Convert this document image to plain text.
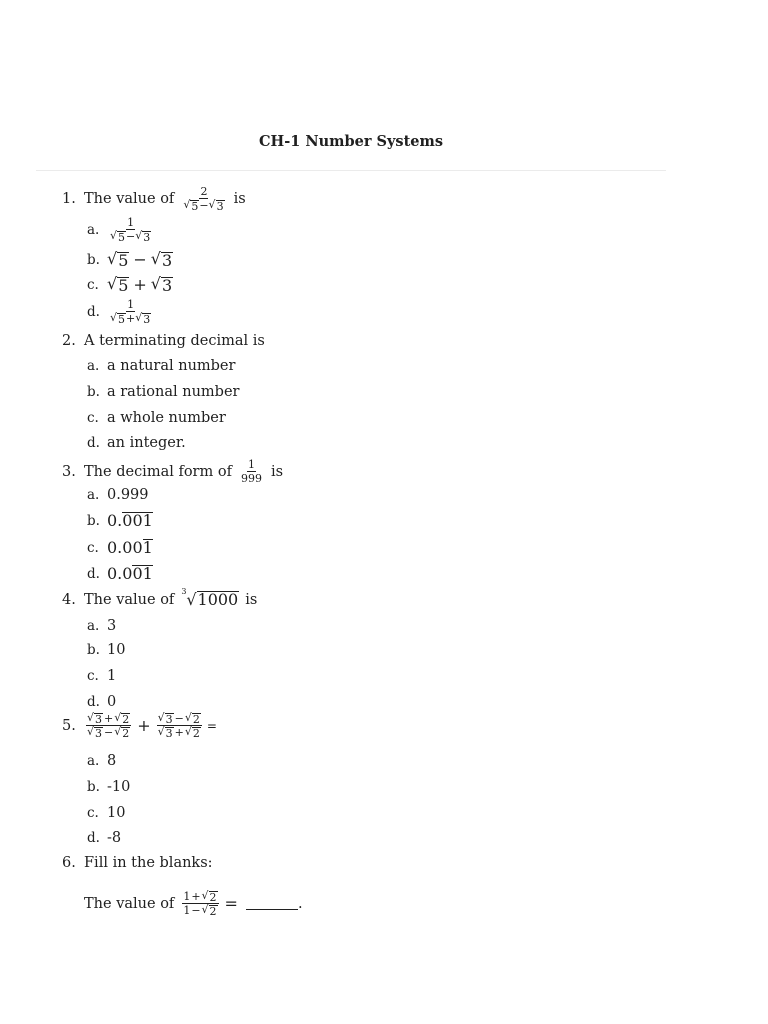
CH-1 Number Systems
1. The value of $\frac{2}{√ 5 - √ 3}$ is
a. $\frac{1}{√ 5 - √ 3}$
b. √ 5 − √ 3
c. √ 5 + √ 3
d. $\frac{1}{√ 5 + √ 3}$
2. A terminating decimal is
a. a natural number
b. a rational number
c. a whole number
d. an integer.
3. The decimal form of $\frac{1}{999}$ is
a. 0.999
b. 0. 001
c. 0.00 1
d. 0.0 01
4. The value of 3 √ 1000 is
a. 3
b. 10
c. 1
d. 0
5. $\frac{√ 3 + √ 2}{√ 3 - √ 2} + \frac{√ 3 - √ 2}{√ 3 + √ 2}$ =
a. 8
b. -10
c. 10
d. -8
6. Fill in the blanks:
The value of $\frac{1 + √ 2}{1 - √ 2}$ =	.
